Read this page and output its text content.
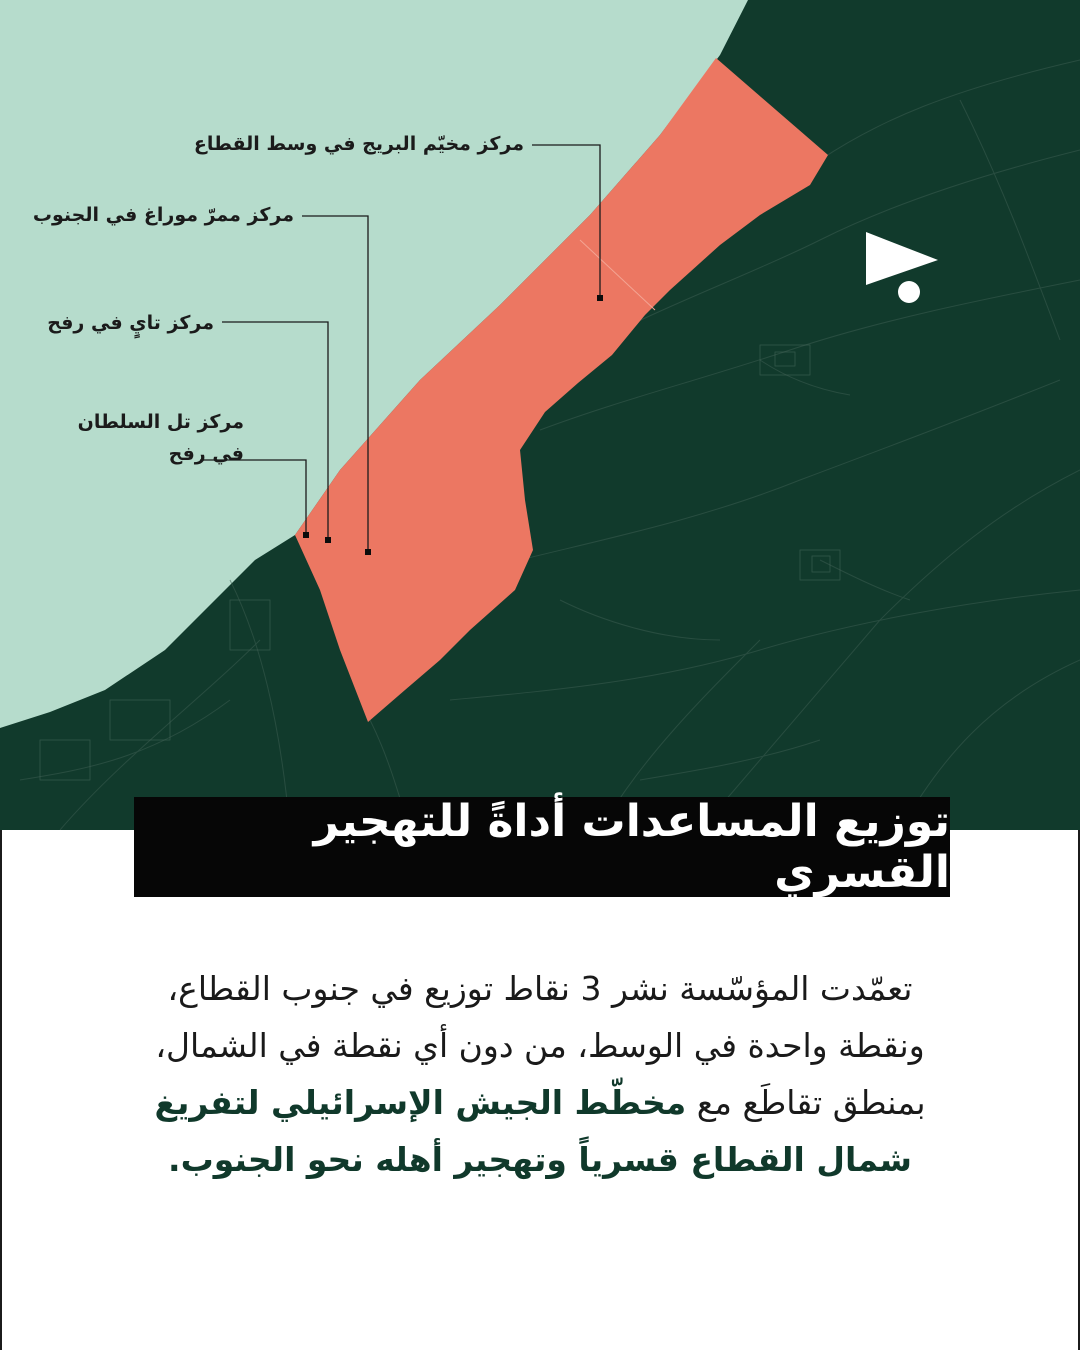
مركز مخيّم البريج في وسط القطاع
مركز ممرّ موراغ في الجنوب
مركز تايٍ في رفح
مركز تل السلطان
في رفح
توزيع المساعدات أداةً للتهجير القسري
تعمّدت المؤسّسة نشر 3 نقاط توزيع في جنوب القطاع،
ونقطة واحدة في الوسط، من دون أي نقطة في الشمال،
بمنطق تقاطَع مع مخطّط الجيش الإسرائيلي لتفريغ
شمال القطاع قسرياً وتهجير أهله نحو الجنوب.
